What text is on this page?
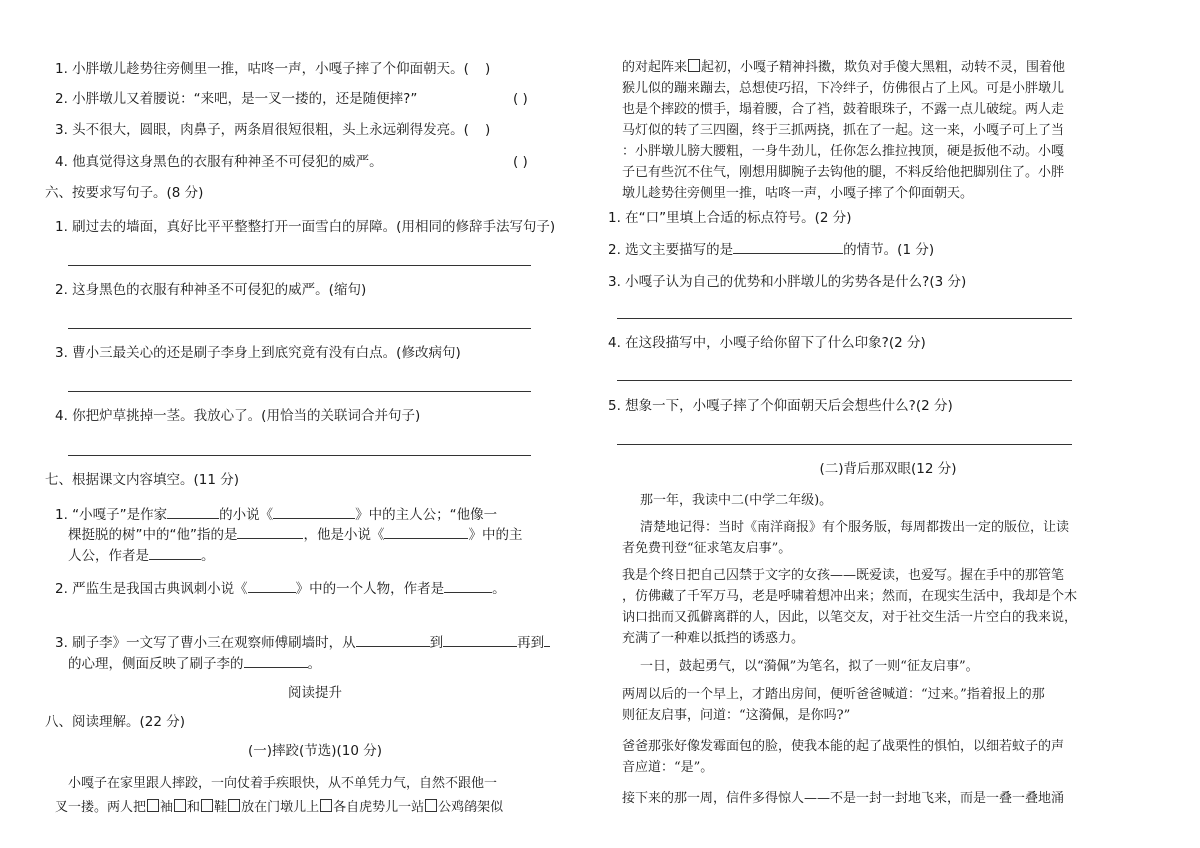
1. 小胖墩儿趁势往旁侧里一推，咕咚一声，小嘎子摔了个仰面朝天。( )
2. 小胖墩儿又着腰说：“来吧，是一叉一搂的，还是随便摔?”	( )
3. 头不很大，圆眼，肉鼻子，两条眉很短很粗，头上永远剃得发亮。( )
4. 他真觉得这身黑色的衣服有种神圣不可侵犯的威严。	( )
六、按要求写句子。(8 分)
1. 刷过去的墙面，真好比平平整整打开一面雪白的屏障。(用相同的修辞手法写句子)
2. 这身黑色的衣服有种神圣不可侵犯的威严。(缩句)
3. 曹小三最关心的还是刷子李身上到底究竟有没有白点。(修改病句)
4. 你把炉草挑掉一茎。我放心了。(用恰当的关联词合并句子)
七、根据课文内容填空。(11 分)
1. “小嘎子”是作家	的小说《	》中的主人公；“他像一
棵挺脱的树”中的“他”指的是	，他是小说《	》中的主
人公，作者是	。
2. 严监生是我国古典讽刺小说《	》中的一个人物，作者是	。
3. 刷子李》一文写了曹小三在观察师傅刷墙时，从	到	再到
的心理，侧面反映了刷子李的	。
阅读提升
八、阅读理解。(22 分)
(一)摔跤(节选)(10 分)
小嘎子在家里跟人摔跤，一向仗着手疾眼快，从不单凭力气，自然不跟他一
叉一搂。两人把 袖 和 鞋 放在门墩儿上 各自虎势儿一站 公鸡鹐架似
的对起阵来 起初，小嘎子精神抖擞，欺负对手傻大黑粗，动转不灵，围着他
猴儿似的蹦来蹦去，总想使巧招，下冷绊子，仿佛很占了上风。可是小胖墩儿
也是个摔跤的惯手，塌着腰，合了裆，鼓着眼珠子，不露一点儿破绽。两人走
马灯似的转了三四圈，终于三抓两挠，抓在了一起。这一来，小嘎子可上了当
：小胖墩儿膀大腰粗，一身牛劲儿，任你怎么推拉拽顶，硬是扳他不动。小嘎
子已有些沉不住气，刚想用脚腕子去钩他的腿，不料反给他把脚别住了。小胖
墩儿趁势往旁侧里一推，咕咚一声，小嘎子摔了个仰面朝天。
1. 在“口”里填上合适的标点符号。(2 分)
2. 选文主要描写的是	的情节。(1 分)
3. 小嘎子认为自己的优势和小胖墩儿的劣势各是什么?(3 分)
4. 在这段描写中，小嘎子给你留下了什么印象?(2 分)
5. 想象一下，小嘎子摔了个仰面朝天后会想些什么?(2 分)
(二)背后那双眼(12 分)
那一年，我读中二(中学二年级)。
清楚地记得：当时《南洋商报》有个服务版，每周都拨出一定的版位，让读
者免费刊登“征求笔友启事”。
我是个终日把自己囚禁于文字的女孩——既爱读，也爱写。握在手中的那管笔
，仿佛藏了千军万马，老是呼啸着想冲出来；然而，在现实生活中，我却是个木
讷口拙而又孤僻离群的人，因此，以笔交友，对于社交生活一片空白的我来说，
充满了一种难以抵挡的诱惑力。
一日，鼓起勇气，以“漪佩”为笔名，拟了一则“征友启事”。
两周以后的一个早上，才踏出房间，便听爸爸喊道：“过来。”指着报上的那
则征友启事，问道：“这漪佩，是你吗?”
爸爸那张好像发霉面包的脸，使我本能的起了战栗性的惧怕，以细若蚊子的声
音应道：“是”。
接下来的那一周，信件多得惊人——不是一封一封地飞来，而是一叠一叠地涌
